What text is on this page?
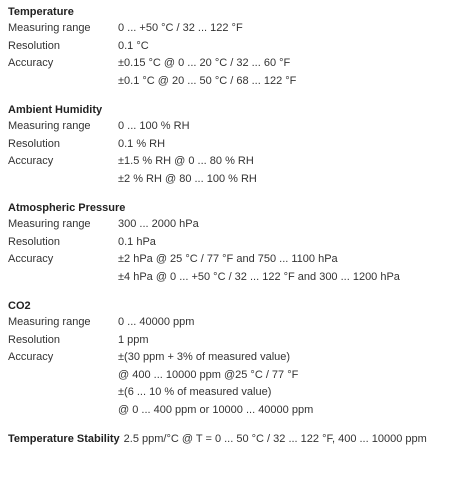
Temperature
Measuring range	0 ... +50 °C / 32 ... 122 °F
Resolution	0.1 °C
Accuracy	±0.15 °C @ 0 ... 20 °C / 32 ... 60 °F
±0.1 °C @ 20 ... 50 °C / 68 ... 122 °F
Ambient Humidity
Measuring range	0 ... 100 % RH
Resolution	0.1 % RH
Accuracy	±1.5 % RH @ 0 ... 80 % RH
±2 % RH @ 80 ... 100 % RH
Atmospheric Pressure
Measuring range	300 ... 2000 hPa
Resolution	0.1 hPa
Accuracy	±2 hPa @ 25 °C / 77 °F and 750 ... 1100 hPa
±4 hPa @ 0 ... +50 °C / 32 ... 122 °F and 300 ... 1200 hPa
CO2
Measuring range	0 ... 40000 ppm
Resolution	1 ppm
Accuracy	±(30 ppm + 3% of measured value)
@ 400 ... 10000 ppm @25 °C / 77 °F
±(6 ... 10 % of measured value)
@ 0 ... 400 ppm or 10000 ... 40000 ppm
Temperature Stability 2.5 ppm/°C @ T = 0 ... 50 °C / 32 ... 122 °F, 400 ... 10000 ppm
